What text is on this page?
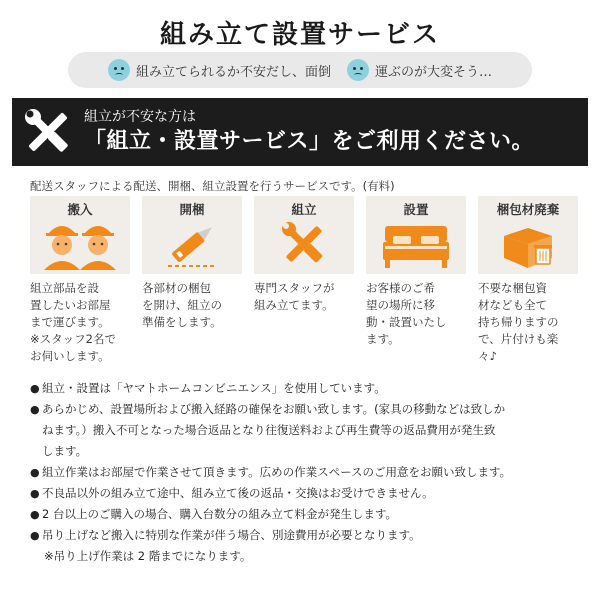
組み立て設置サービス
組み立てられるか不安だし、面倒	運ぶのが大変そう…
組立が不安な方は
「組立・設置サービス」をご利用ください。
配送スタッフによる配送、開梱、組立設置を行うサービスです。(有料)
搬入
組立部品を設
置したいお部屋
まで運びます。
※スタッフ2名で
お伺いします。
開梱
各部材の梱包
を開け、組立の
準備をします。
組立
専門スタッフが
組み立てます。
設置
お客様のご希
望の場所に移
動・設置いたし
ます。
梱包材廃棄
不要な梱包資
材なども全て
持ち帰りますの
で、片付けも楽
々♪
● 組立・設置は「ヤマトホームコンビニエンス」を使用しています。
● あらかじめ、設置場所および搬入経路の確保をお願い致します。(家具の移動などは致しか
ねます。）搬入不可となった場合返品となり往復送料および再生費等の返品費用が発生致
します。
● 組立作業はお部屋で作業させて頂きます。広めの作業スペースのご用意をお願い致します。
● 不良品以外の組み立て途中、組み立て後の返品・交換はお受けできません。
● 2 台以上のご購入の場合、購入台数分の組み立て料金が発生します。
● 吊り上げなど搬入に特別な作業が伴う場合、別途費用が必要となります。
※吊り上げ作業は 2 階までになります。
